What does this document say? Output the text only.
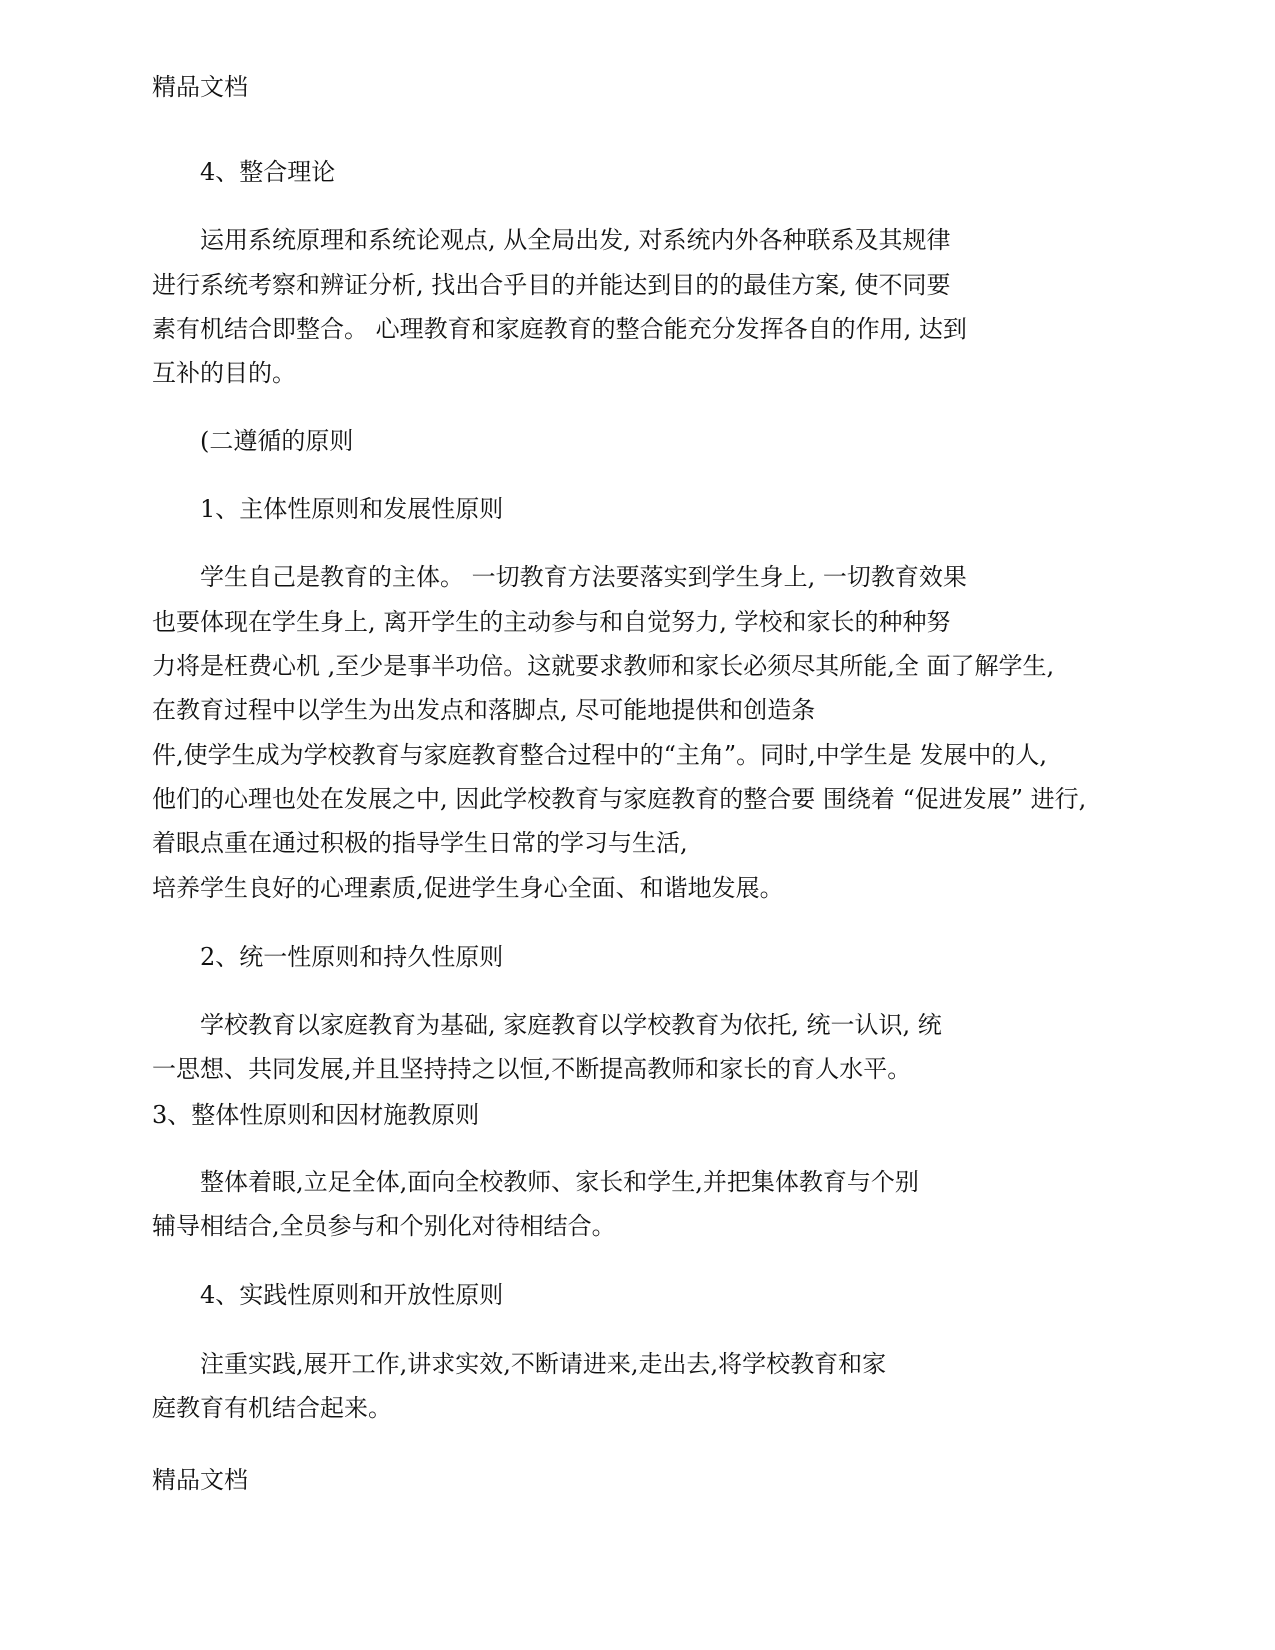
精品文档
4、整合理论
运用系统原理和系统论观点, 从全局出发, 对系统内外各种联系及其规律
进行系统考察和辨证分析, 找出合乎目的并能达到目的的最佳方案, 使不同要
素有机结合即整合。 心理教育和家庭教育的整合能充分发挥各自的作用, 达到
互补的目的。
(二遵循的原则
1、主体性原则和发展性原则
学生自己是教育的主体。 一切教育方法要落实到学生身上, 一切教育效果
也要体现在学生身上, 离开学生的主动参与和自觉努力, 学校和家长的种种努
力将是枉费心机 ,至少是事半功倍。这就要求教师和家长必须尽其所能,全 面了解学生,
在教育过程中以学生为出发点和落脚点, 尽可能地提供和创造条
件,使学生成为学校教育与家庭教育整合过程中的“主角”。同时,中学生是 发展中的人,
他们的心理也处在发展之中, 因此学校教育与家庭教育的整合要 围绕着 “促进发展” 进行,
着眼点重在通过积极的指导学生日常的学习与生活,
培养学生良好的心理素质,促进学生身心全面、和谐地发展。
2、统一性原则和持久性原则
学校教育以家庭教育为基础, 家庭教育以学校教育为依托, 统一认识, 统
一思想、共同发展,并且坚持持之以恒,不断提高教师和家长的育人水平。
3、整体性原则和因材施教原则
整体着眼,立足全体,面向全校教师、家长和学生,并把集体教育与个别
辅导相结合,全员参与和个别化对待相结合。
4、实践性原则和开放性原则
注重实践,展开工作,讲求实效,不断请进来,走出去,将学校教育和家
庭教育有机结合起来。
精品文档
